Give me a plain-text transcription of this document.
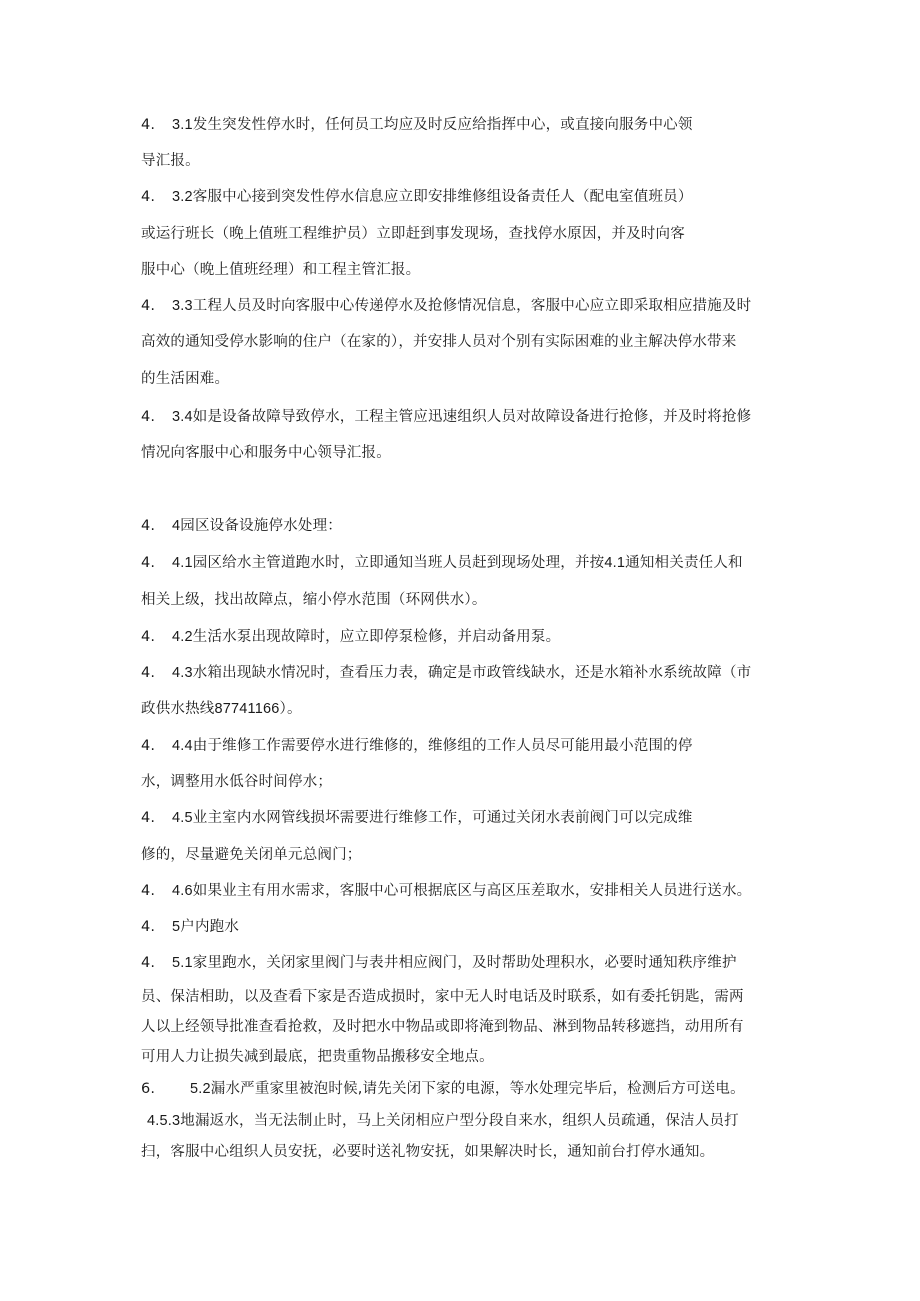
4. 3.1发生突发性停水时，任何员工均应及时反应给指挥中心，或直接向服务中心领
导汇报。
4. 3.2客服中心接到突发性停水信息应立即安排维修组设备责任人（配电室值班员）
或运行班长（晚上值班工程维护员）立即赶到事发现场，查找停水原因，并及时向客
服中心（晚上值班经理）和工程主管汇报。
4. 3.3工程人员及时向客服中心传递停水及抢修情况信息，客服中心应立即采取相应措施及时
高效的通知受停水影响的住户（在家的），并安排人员对个别有实际困难的业主解决停水带来
的生活困难。
4. 3.4如是设备故障导致停水，工程主管应迅速组织人员对故障设备进行抢修，并及时将抢修
情况向客服中心和服务中心领导汇报。
4. 4园区设备设施停水处理：
4. 4.1园区给水主管道跑水时，立即通知当班人员赶到现场处理，并按4.1通知相关责任人和
相关上级，找出故障点，缩小停水范围（环网供水）。
4. 4.2生活水泵出现故障时，应立即停泵检修，并启动备用泵。
4. 4.3水箱出现缺水情况时，查看压力表，确定是市政管线缺水，还是水箱补水系统故障（市
政供水热线87741166）。
4. 4.4由于维修工作需要停水进行维修的，维修组的工作人员尽可能用最小范围的停
水，调整用水低谷时间停水；
4. 4.5业主室内水网管线损坏需要进行维修工作，可通过关闭水表前阀门可以完成维
修的，尽量避免关闭单元总阀门；
4. 4.6如果业主有用水需求，客服中心可根据底区与高区压差取水，安排相关人员进行送水。
4. 5户内跑水
4. 5.1家里跑水，关闭家里阀门与表井相应阀门，及时帮助处理积水，必要时通知秩序维护
员、保洁相助，以及查看下家是否造成损时，家中无人时电话及时联系，如有委托钥匙，需两
人以上经领导批准查看抢救，及时把水中物品或即将淹到物品、淋到物品转移遮挡，动用所有
可用人力让损失减到最底，把贵重物品搬移安全地点。
6. 5.2漏水严重家里被泡时候,请先关闭下家的电源，等水处理完毕后，检测后方可送电。
4.5.3地漏返水，当无法制止时，马上关闭相应户型分段自来水，组织人员疏通，保洁人员打
扫，客服中心组织人员安抚，必要时送礼物安抚，如果解决时长，通知前台打停水通知。
